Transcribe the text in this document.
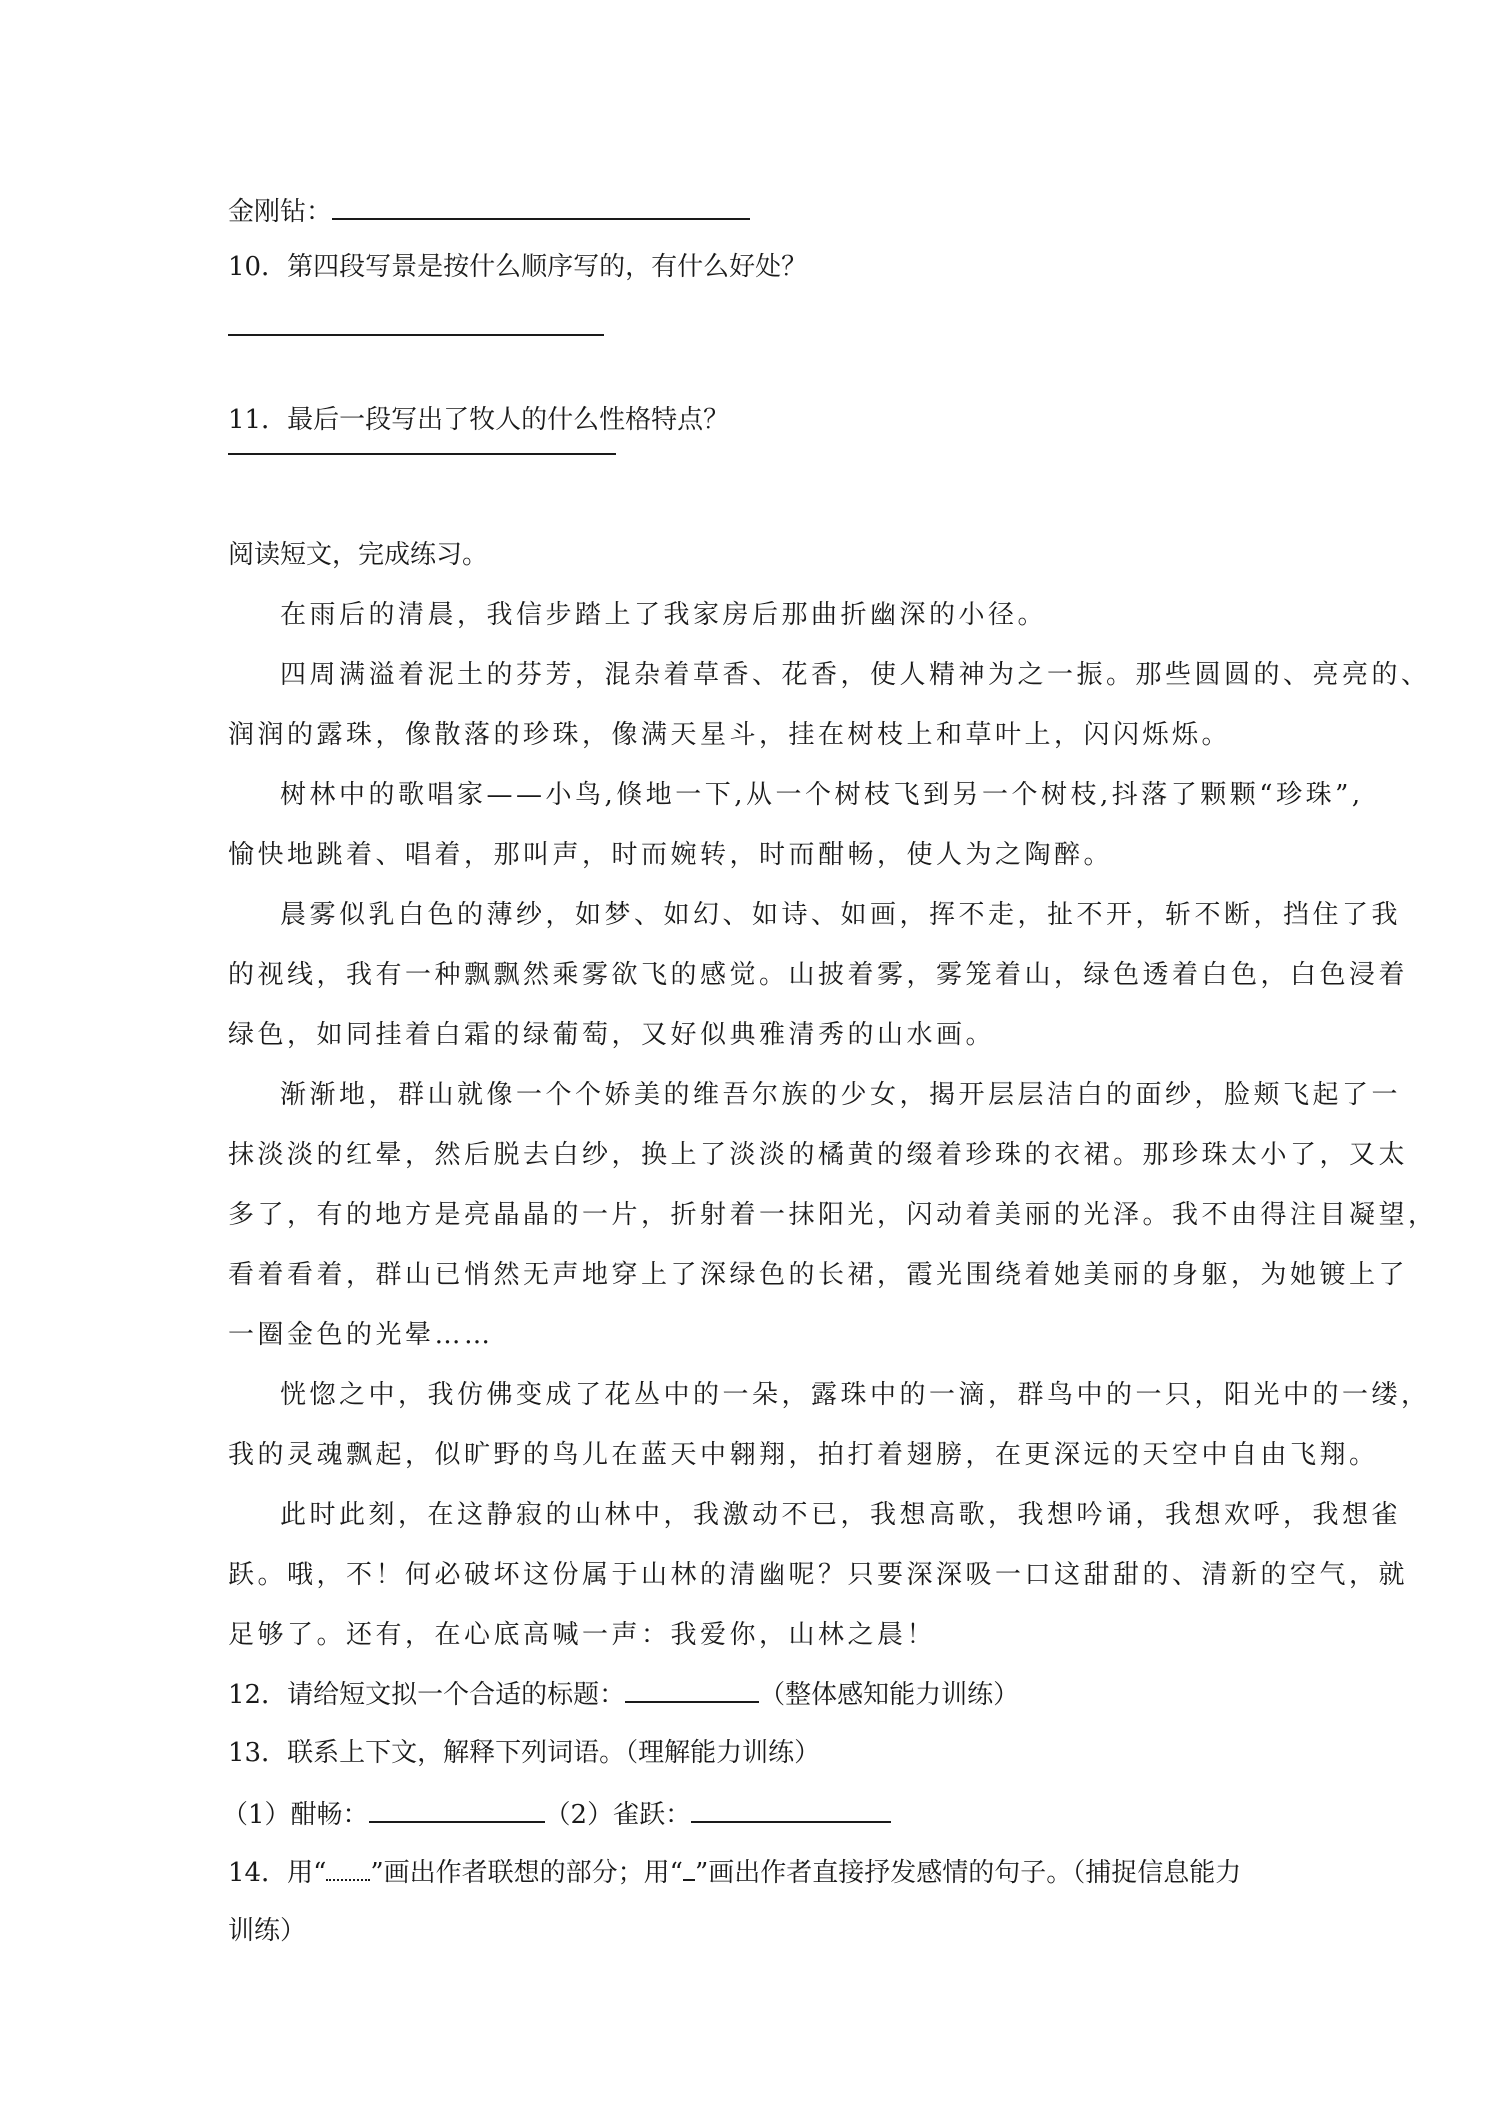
金刚钻：
10．第四段写景是按什么顺序写的，有什么好处？
11．最后一段写出了牧人的什么性格特点？
阅读短文，完成练习。
在雨后的清晨，我信步踏上了我家房后那曲折幽深的小径。
四周满溢着泥土的芬芳，混杂着草香、花香，使人精神为之一振。那些圆圆的、亮亮的、
润润的露珠，像散落的珍珠，像满天星斗，挂在树枝上和草叶上，闪闪烁烁。
树林中的歌唱家——小鸟,倏地一下,从一个树枝飞到另一个树枝,抖落了颗颗“珍珠”,
愉快地跳着、唱着，那叫声，时而婉转，时而酣畅，使人为之陶醉。
晨雾似乳白色的薄纱，如梦、如幻、如诗、如画，挥不走，扯不开，斩不断，挡住了我
的视线，我有一种飘飘然乘雾欲飞的感觉。山披着雾，雾笼着山，绿色透着白色，白色浸着
绿色，如同挂着白霜的绿葡萄，又好似典雅清秀的山水画。
渐渐地，群山就像一个个娇美的维吾尔族的少女，揭开层层洁白的面纱，脸颊飞起了一
抹淡淡的红晕，然后脱去白纱，换上了淡淡的橘黄的缀着珍珠的衣裙。那珍珠太小了，又太
多了，有的地方是亮晶晶的一片，折射着一抹阳光，闪动着美丽的光泽。我不由得注目凝望，
看着看着，群山已悄然无声地穿上了深绿色的长裙，霞光围绕着她美丽的身躯，为她镀上了
一圈金色的光晕……
恍惚之中，我仿佛变成了花丛中的一朵，露珠中的一滴，群鸟中的一只，阳光中的一缕，
我的灵魂飘起，似旷野的鸟儿在蓝天中翱翔，拍打着翅膀，在更深远的天空中自由飞翔。
此时此刻，在这静寂的山林中，我激动不已，我想高歌，我想吟诵，我想欢呼，我想雀
跃。哦，不！何必破坏这份属于山林的清幽呢？只要深深吸一口这甜甜的、清新的空气，就
足够了。还有，在心底高喊一声：我爱你，山林之晨！
12．请给短文拟一个合适的标题：	（整体感知能力训练）
13．联系上下文，解释下列词语。（理解能力训练）
（1）酣畅：	（2）雀跃：
14．用“ ”画出作者联想的部分；用“ ”画出作者直接抒发感情的句子。（捕捉信息能力
训练）
